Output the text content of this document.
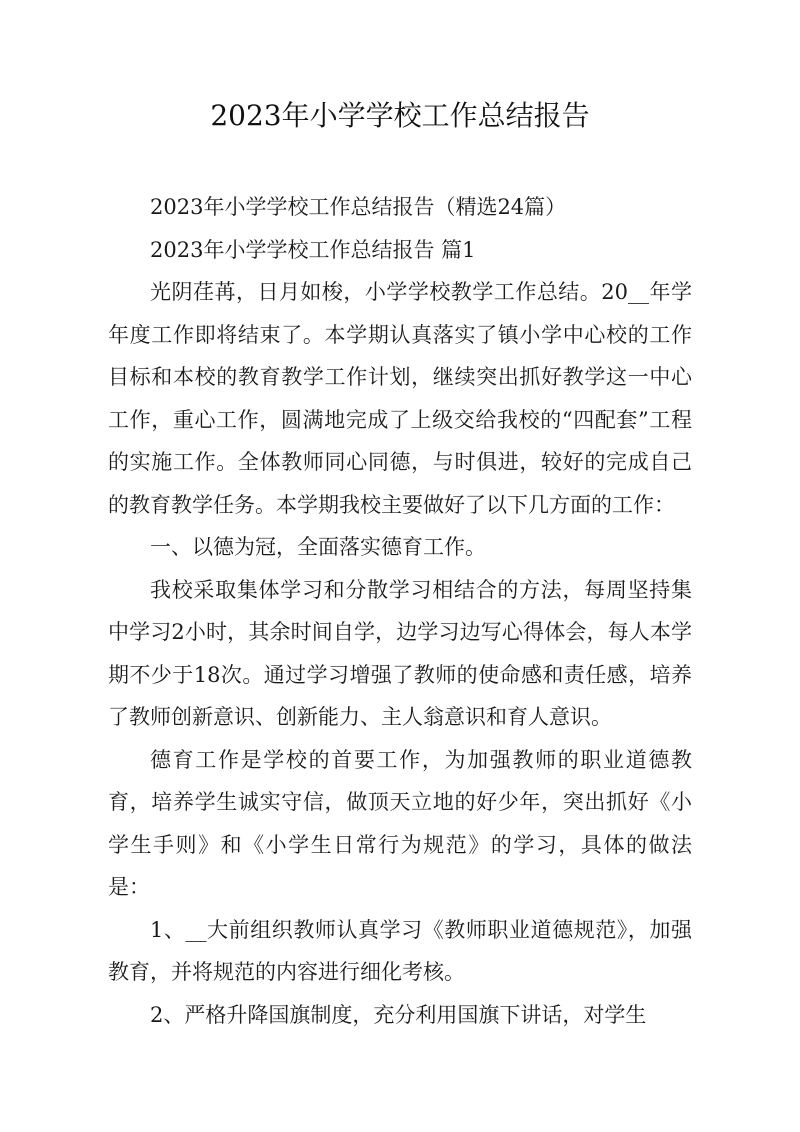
2023年小学学校工作总结报告

2023年小学学校工作总结报告（精选24篇）

2023年小学学校工作总结报告 篇1

光阴荏苒，日月如梭，小学学校教学工作总结。20__年学年度工作即将结束了。本学期认真落实了镇小学中心校的工作目标和本校的教育教学工作计划，继续突出抓好教学这一中心工作，重心工作，圆满地完成了上级交给我校的“四配套”工程的实施工作。全体教师同心同德，与时俱进，较好的完成自己的教育教学任务。本学期我校主要做好了以下几方面的工作：

一、以德为冠，全面落实德育工作。

我校采取集体学习和分散学习相结合的方法，每周坚持集中学习2小时，其余时间自学，边学习边写心得体会，每人本学期不少于18次。通过学习增强了教师的使命感和责任感，培养了教师创新意识、创新能力、主人翁意识和育人意识。

德育工作是学校的首要工作，为加强教师的职业道德教育，培养学生诚实守信，做顶天立地的好少年，突出抓好《小学生手则》和《小学生日常行为规范》的学习，具体的做法是：

1、__大前组织教师认真学习《教师职业道德规范》，加强教育，并将规范的内容进行细化考核。

2、严格升降国旗制度，充分利用国旗下讲话，对学生
